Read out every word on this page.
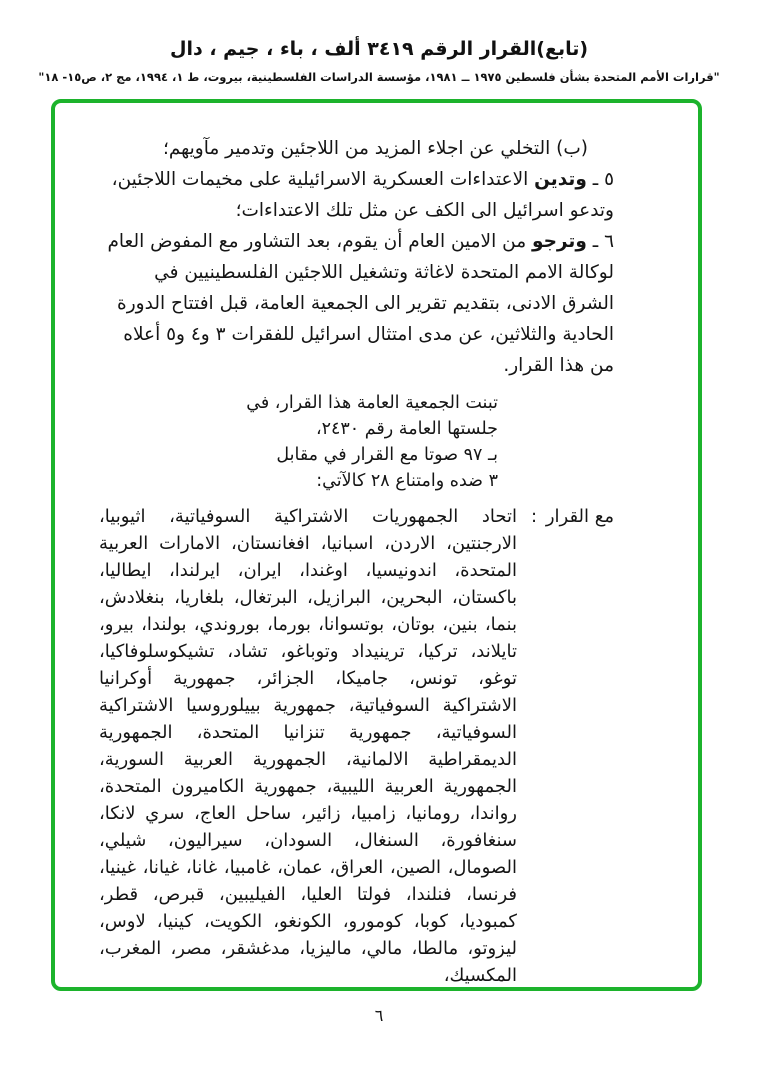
(تابع)القرار الرقم ٣٤١٩ ألف ، باء ، جيم ، دال
"قرارات الأمم المتحدة بشأن فلسطين ١٩٧٥ ــ ١٩٨١، مؤسسة الدراسات الفلسطينية، بيروت، ط ١، ١٩٩٤، مج ٢، ص١٥- ١٨"

(ب) التخلي عن اجلاء المزيد من اللاجئين وتدمير مآويهم؛

٥ ـ وتدين الاعتداءات العسكرية الاسرائيلية على مخيمات اللاجئين، وتدعو اسرائيل الى الكف عن مثل تلك الاعتداءات؛

٦ ـ وترجو من الامين العام أن يقوم، بعد التشاور مع المفوض العام لوكالة الامم المتحدة لاغاثة وتشغيل اللاجئين الفلسطينيين في الشرق الادنى، بتقديم تقرير الى الجمعية العامة، قبل افتتاح الدورة الحادية والثلاثين، عن مدى امتثال اسرائيل للفقرات ٣ و٤ و٥ أعلاه من هذا القرار.

تبنت الجمعية العامة هذا القرار، في
جلستها العامة رقم ٢٤٣٠،
بـ ٩٧ صوتا مع القرار في مقابل
٣ ضده وامتناع ٢٨ كالآتي:
مع القرار
:
اتحاد الجمهوريات الاشتراكية السوفياتية، اثيوبيا، الارجنتين، الاردن، اسبانيا، افغانستان، الامارات العربية المتحدة، اندونيسيا، اوغندا، ايران، ايرلندا، ايطاليا، باكستان، البحرين، البرازيل، البرتغال، بلغاريا، بنغلادش، بنما، بنين، بوتان، بوتسوانا، بورما، بوروندي، بولندا، بيرو، تايلاند، تركيا، ترينيداد وتوباغو، تشاد، تشيكوسلوفاكيا، توغو، تونس، جاميكا، الجزائر، جمهورية أوكرانيا الاشتراكية السوفياتية، جمهورية بييلوروسيا الاشتراكية السوفياتية، جمهورية تنزانيا المتحدة، الجمهورية الديمقراطية الالمانية، الجمهورية العربية السورية، الجمهورية العربية الليبية، جمهورية الكاميرون المتحدة، رواندا، رومانيا، زامبيا، زائير، ساحل العاج، سري لانكا، سنغافورة، السنغال، السودان، سيراليون، شيلي، الصومال، الصين، العراق، عمان، غامبيا، غانا، غيانا، غينيا، فرنسا، فنلندا، فولتا العليا، الفيليبين، قبرص، قطر، كمبوديا، كوبا، كومورو، الكونغو، الكويت، كينيا، لاوس، ليزوتو، مالطا، مالي، ماليزيا، مدغشقر، مصر، المغرب، المكسيك،
٦
